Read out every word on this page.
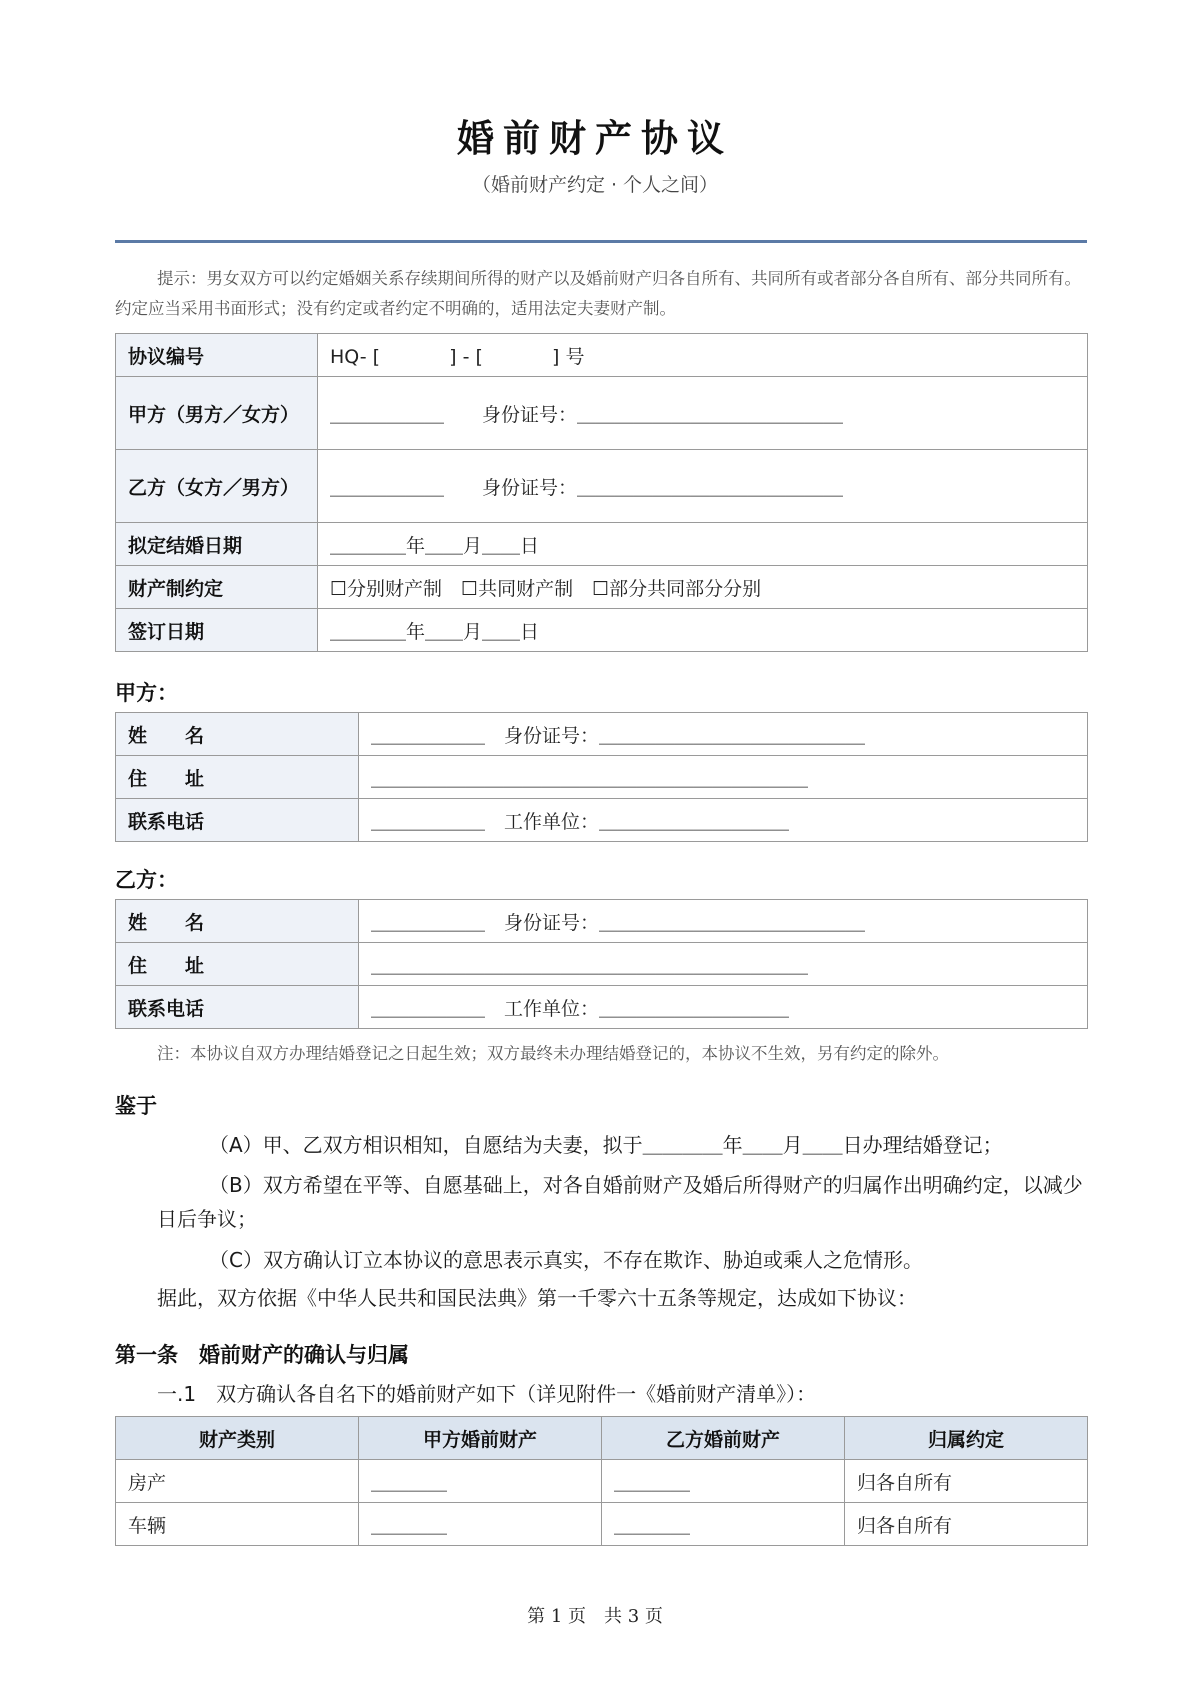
婚前财产协议
（婚前财产约定 · 个人之间）
提示：男女双方可以约定婚姻关系存续期间所得的财产以及婚前财产归各自所有、共同所有或者部分各自所有、部分共同所有。约定应当采用书面形式；没有约定或者约定不明确的，适用法定夫妻财产制。
协议编号	HQ- [ 　　　 ] - [ 　　　 ] 号
甲方（男方／女方）	＿＿＿＿＿＿　　身份证号：＿＿＿＿＿＿＿＿＿＿＿＿＿＿
乙方（女方／男方）	＿＿＿＿＿＿　　身份证号：＿＿＿＿＿＿＿＿＿＿＿＿＿＿
拟定结婚日期	＿＿＿＿年＿＿月＿＿日
财产制约定	☐分别财产制　☐共同财产制　☐部分共同部分分别
签订日期	＿＿＿＿年＿＿月＿＿日
甲方：
姓　　名	＿＿＿＿＿＿　身份证号：＿＿＿＿＿＿＿＿＿＿＿＿＿＿
住　　址	＿＿＿＿＿＿＿＿＿＿＿＿＿＿＿＿＿＿＿＿＿＿＿
联系电话	＿＿＿＿＿＿　工作单位：＿＿＿＿＿＿＿＿＿＿
乙方：
姓　　名	＿＿＿＿＿＿　身份证号：＿＿＿＿＿＿＿＿＿＿＿＿＿＿
住　　址	＿＿＿＿＿＿＿＿＿＿＿＿＿＿＿＿＿＿＿＿＿＿＿
联系电话	＿＿＿＿＿＿　工作单位：＿＿＿＿＿＿＿＿＿＿
注：本协议自双方办理结婚登记之日起生效；双方最终未办理结婚登记的，本协议不生效，另有约定的除外。
鉴于
（A）甲、乙双方相识相知，自愿结为夫妻，拟于＿＿＿＿年＿＿月＿＿日办理结婚登记；
（B）双方希望在平等、自愿基础上，对各自婚前财产及婚后所得财产的归属作出明确约定，以减少日后争议；
（C）双方确认订立本协议的意思表示真实，不存在欺诈、胁迫或乘人之危情形。
据此，双方依据《中华人民共和国民法典》第一千零六十五条等规定，达成如下协议：
第一条　婚前财产的确认与归属
一.1　双方确认各自名下的婚前财产如下（详见附件一《婚前财产清单》）：
财产类别	甲方婚前财产	乙方婚前财产	归属约定
房产	＿＿＿＿	＿＿＿＿	归各自所有
车辆	＿＿＿＿	＿＿＿＿	归各自所有
第 1 页　共 3 页
